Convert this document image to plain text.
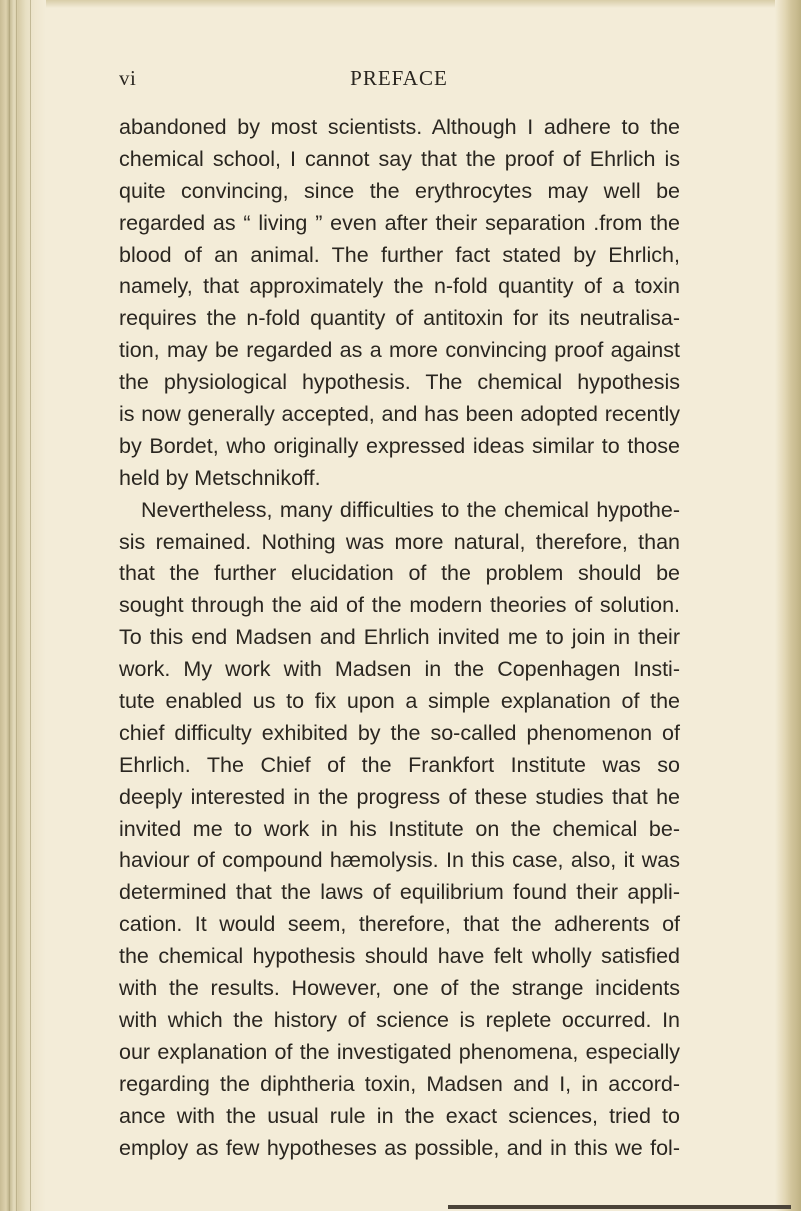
vi	PREFACE
abandoned by most scientists. Although I adhere to the
chemical school, I cannot say that the proof of Ehrlich is
quite convincing, since the erythrocytes may well be
regarded as “ living ” even after their separation .from the
blood of an animal. The further fact stated by Ehrlich,
namely, that approximately the n-fold quantity of a toxin
requires the n-fold quantity of antitoxin for its neutralisa-
tion, may be regarded as a more convincing proof against
the physiological hypothesis. The chemical hypothesis
is now generally accepted, and has been adopted recently
by Bordet, who originally expressed ideas similar to those
held by Metschnikoff.
Nevertheless, many difficulties to the chemical hypothe-
sis remained. Nothing was more natural, therefore, than
that the further elucidation of the problem should be
sought through the aid of the modern theories of solution.
To this end Madsen and Ehrlich invited me to join in their
work. My work with Madsen in the Copenhagen Insti-
tute enabled us to fix upon a simple explanation of the
chief difficulty exhibited by the so-called phenomenon of
Ehrlich. The Chief of the Frankfort Institute was so
deeply interested in the progress of these studies that he
invited me to work in his Institute on the chemical be-
haviour of compound hæmolysis. In this case, also, it was
determined that the laws of equilibrium found their appli-
cation. It would seem, therefore, that the adherents of
the chemical hypothesis should have felt wholly satisfied
with the results. However, one of the strange incidents
with which the history of science is replete occurred. In
our explanation of the investigated phenomena, especially
regarding the diphtheria toxin, Madsen and I, in accord-
ance with the usual rule in the exact sciences, tried to
employ as few hypotheses as possible, and in this we fol-
